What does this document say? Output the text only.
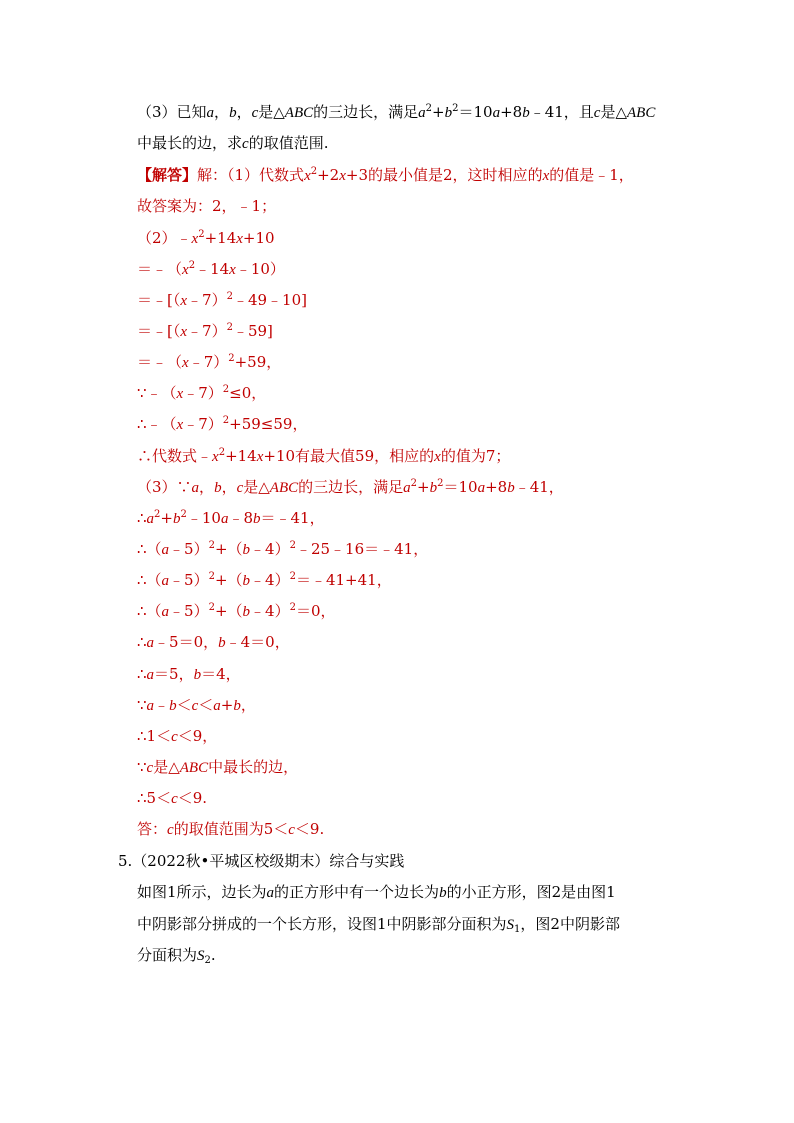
（3）已知a，b，c是△ABC的三边长，满足$a^2+b^2=10a+8b﹣41$，且c是△ABC
中最长的边，求c的取值范围.
【解答】解：（1）代数式$x^2+2x+3$的最小值是2，这时相应的x的值是﹣1，
故答案为：2，﹣1；
$(2)﹣x^2+14x+10$
$=﹣(x^2﹣14x﹣10)$
＝﹣[（x﹣7）$^2$﹣49﹣10]
＝﹣[（x﹣7）$^2$﹣59]
＝﹣（x﹣7）$^2$+59，
∵﹣（x﹣7）$^2$≤0，
∴﹣（x﹣7）$^2$+59≤59，
∴代数式$﹣x^2+14x+10$有最大值59，相应的x的值为7；
（3）∵a，b，c是△ABC的三边长，满足$a^2+b^2=10a+8b﹣41$，
$\therefore a^2+b^2﹣10a﹣8b=﹣41$，
∴（a﹣5）$^2$+（b﹣4）$^2$﹣25﹣16＝﹣41，
∴（a﹣5）$^2$+（b﹣4）$^2$＝﹣41+41，
∴（a﹣5）$^2$+（b﹣4）$^2$＝0，
∴a﹣5＝0，b﹣4＝0，
∴a＝5，b＝4，
∵a﹣b＜c＜a+b，
∴1＜c＜9，
∵c是△ABC中最长的边，
∴5＜c＜9.
答：c的取值范围为5＜c＜9.
5.（2022秋•平城区校级期末）综合与实践
如图1所示，边长为a的正方形中有一个边长为b的小正方形，图2是由图1
中阴影部分拼成的一个长方形，设图1中阴影部分面积为$S_1$，图2中阴影部
分面积为$S_2$.
